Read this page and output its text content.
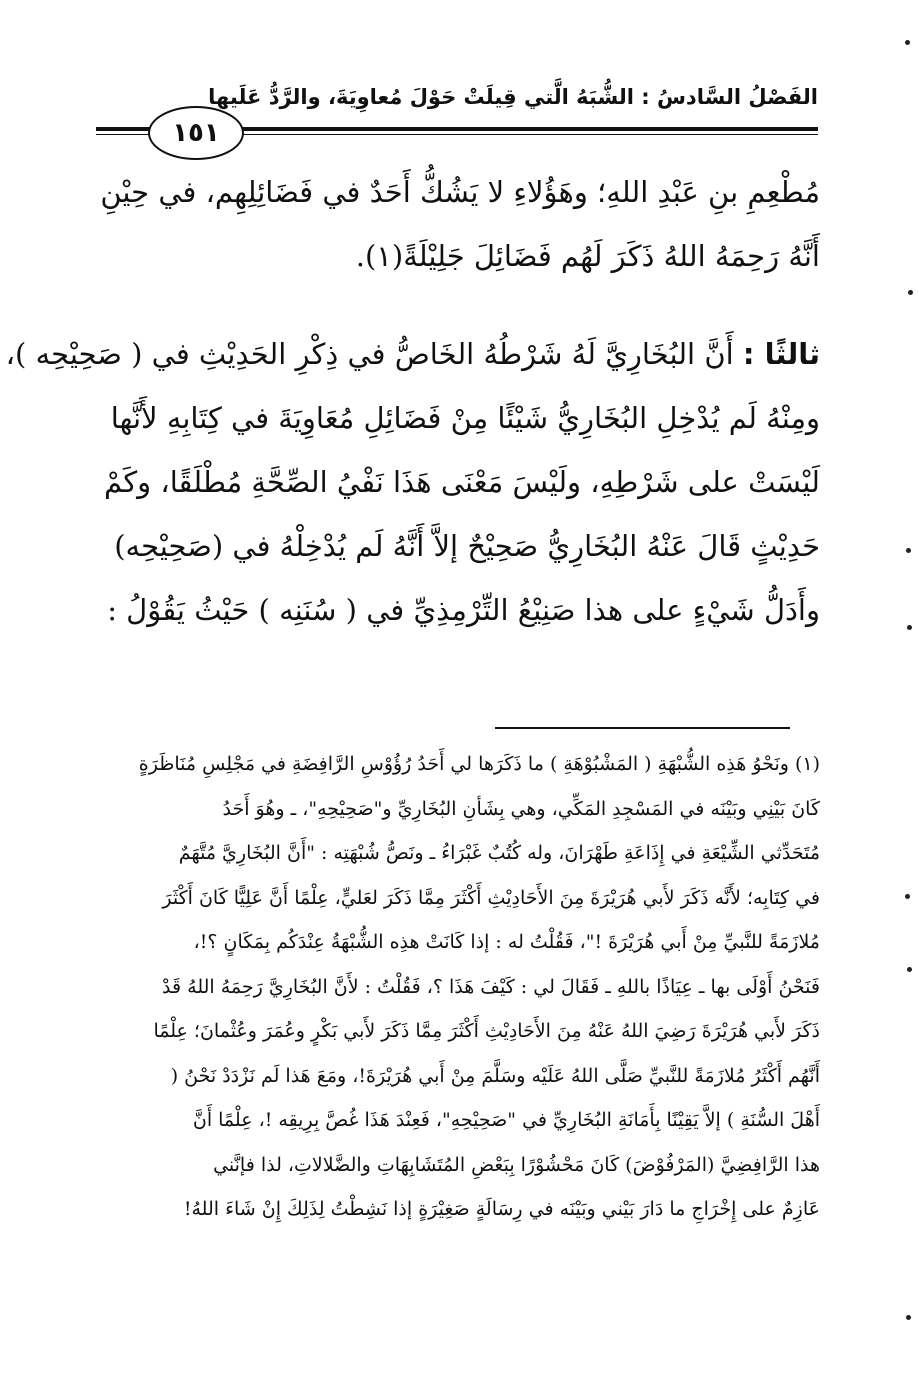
الفَصْلُ السَّادسُ : الشُّبَهُ الَّتي قِيلَتْ حَوْلَ مُعاوِيَةَ، والرَّدُّ عَلَيها
١٥١
مُطْعِمِ بنِ عَبْدِ اللهِ؛ وهَؤُلاءِ لا يَشُكُّ أَحَدٌ في فَضَائِلِهِم، في حِيْنِ
أَنَّهُ رَحِمَهُ اللهُ ذَكَرَ لَهُم فَضَائِلَ جَلِيْلَةً(١).
ثالثًا : أَنَّ البُخَارِيَّ لَهُ شَرْطُهُ الخَاصُّ في ذِكْرِ الحَدِيْثِ في ( صَحِيْحِه )،
ومِنْهُ لَم يُدْخِلِ البُخَارِيُّ شَيْئًا مِنْ فَضَائِلِ مُعَاوِيَةَ في كِتَابِهِ لأَنَّها
لَيْسَتْ على شَرْطِهِ، ولَيْسَ مَعْنَى هَذَا نَفْيُ الصِّحَّةِ مُطْلَقًا، وكَمْ
حَدِيْثٍ قَالَ عَنْهُ البُخَارِيُّ صَحِيْحٌ إلاَّ أَنَّهُ لَم يُدْخِلْهُ في (صَحِيْحِه)
وأَدَلُّ شَيْءٍ على هذا صَنِيْعُ التِّرْمِذِيِّ في ( سُنَنِه ) حَيْثُ يَقُوْلُ :
(١) ونَحْوُ هَذِه الشُّبْهَةِ ( المَشْبُوْهَةِ ) ما ذَكَرَها لي أَحَدُ رُؤُوْسِ الرَّافِضَةِ في مَجْلِسِ مُنَاظَرَةٍ
كَانَ بَيْنِي وبَيْنَه في المَسْجِدِ المَكِّي، وهي بِشَأنِ البُخَارِيِّ و"صَحِيْحِهِ"، ـ وهُوَ أَحَدُ
مُتَحَدِّثي الشِّيْعَةِ في إِذَاعَةِ طَهْرَانَ، وله كُتُبٌ غَبْرَاءُ ـ ونَصُّ شُبْهَتِه : "أَنَّ البُخَارِيَّ مُتَّهَمٌ
في كِتَابِه؛ لأَنَّه ذَكَرَ لأَبي هُرَيْرَةَ مِنَ الأَحَادِيْثِ أَكْثَرَ مِمَّا ذَكَرَ لعَليٍّ، عِلْمًا أَنَّ عَلِيًّا كَانَ أَكْثَرَ
مُلازَمَةً للنَّبيِّ مِنْ أَبي هُرَيْرَةَ !"، فَقُلْتُ له : إذا كَانَتْ هذِه الشُّبْهَةُ عِنْدَكُم بِمَكَانٍ ؟!،
فَنَحْنُ أَوْلَى بها ـ عِيَاذًا باللهِ ـ فَقَالَ لي : كَيْفَ هَذَا ؟، فَقُلْتُ : لأَنَّ البُخَارِيَّ رَحِمَهُ اللهُ قَدْ
ذَكَرَ لأَبي هُرَيْرَةَ رَضِيَ اللهُ عَنْهُ مِنَ الأَحَادِيْثِ أَكْثَرَ مِمَّا ذَكَرَ لأَبي بَكْرٍ وعُمَرَ وعُثْمانَ؛ عِلْمًا
أَنَّهُم أَكْثَرُ مُلازَمَةً للنَّبيِّ صَلَّى اللهُ عَلَيْه وسَلَّمَ مِنْ أَبي هُرَيْرَةَ!، ومَعَ هَذا لَم نَزْدَدْ نَحْنُ (
أَهْلَ السُّنَةِ ) إلاَّ يَقِيْنًا بِأَمَانَةِ البُخَارِيِّ في "صَحِيْحِهِ"، فَعِنْدَ هَذَا غُصَّ بِرِيقِه !، عِلْمًا أَنَّ
هذا الرَّافِضِيَّ (المَرْفُوْضَ) كَانَ مَحْشُوْرًا بِبَعْضِ المُتَشَابِهَاتِ والضَّلالاتِ، لذا فإنَّني
عَازِمٌ على إِخْرَاجِ ما دَارَ بَيْني وبَيْنَه في رِسَالَةٍ صَغِيْرَةٍ إذا نَشِطْتُ لِذَلِكَ إِنْ شَاءَ اللهُ!
